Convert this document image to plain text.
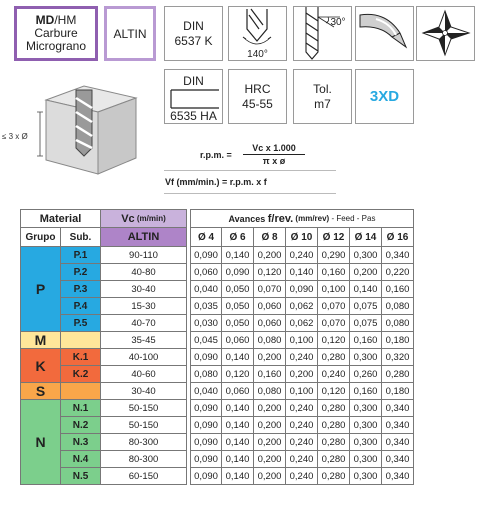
MD/HM
Carbure
Micrograno
ALTIN
DIN
6537 K
140°
30°
DIN
6535 HA
HRC
45-55
Tol.
m7	3XD
≤ 3 x Ø
r.p.m. =
Vc x 1.000
π x ø
Vf (mm/min.) = r.p.m. x f
Material	Vc (m/min)	Avances f/rev. (mm/rev) - Feed - Pas
Grupo	Sub.	ALTIN	Ø 4	Ø 6	Ø 8	Ø 10	Ø 12	Ø 14	Ø 16
P
P.1	90-110	0,090 0,140 0,200 0,240 0,290 0,300 0,340
P.2	40-80	0,060 0,090 0,120 0,140 0,160 0,200 0,220
P.3	30-40	0,040 0,050 0,070 0,090 0,100 0,140 0,160
P.4	15-30	0,035 0,050 0,060 0,062 0,070 0,075 0,080
P.5	40-70	0,030 0,050 0,060 0,062 0,070 0,075 0,080
M	35-45	0,045 0,060 0,080 0,100 0,120 0,160 0,180
K
K.1	40-100	0,090 0,140 0,200 0,240 0,280 0,300 0,320
K.2	40-60	0,080 0,120 0,160 0,200 0,240 0,260 0,280
S	30-40	0,040 0,060 0,080 0,100 0,120 0,160 0,180
N
N.1	50-150	0,090 0,140 0,200 0,240 0,280 0,300 0,340
N.2	50-150	0,090 0,140 0,200 0,240 0,280 0,300 0,340
N.3	80-300	0,090 0,140 0,200 0,240 0,280 0,300 0,340
N.4	80-300	0,090 0,140 0,200 0,240 0,280 0,300 0,340
N.5	60-150	0,090 0,140 0,200 0,240 0,280 0,300 0,340
